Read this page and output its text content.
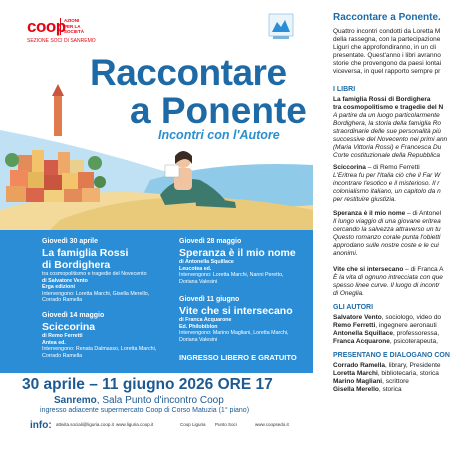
coop
AZIONI
PER LA
SOCIETÀ
SEZIONE SOCI DI SANREMO
Raccontare
a Ponente
Incontri con l'Autore
Giovedì 30 aprile
La famiglia Rossi
di Bordighera
tra cosmopolitismo e tragedie del Novecento
di Salvatore Vento
Erga edizioni
Intervengono: Loretta Marchi, Gisella Merello,
Corrado Ramella
Giovedì 28 maggio
Speranza è il mio nome
di Antonella Squillace
Leucotea ed.
Intervengono: Loretta Marchi, Nanni Peretto,
Doriana Valesini
Giovedì 14 maggio
Sciccorina
di Remo Ferretti
Antea ed.
Intervengono: Renata Dalmasso, Loretta Marchi,
Corrado Ramella
Giovedì 11 giugno
Vite che si intersecano
di Franca Acquarone
Ed. Philobiblon
Intervengono: Marino Magliani, Loretta Marchi,
Doriana Valesini
INGRESSO LIBERO E GRATUITO
30 aprile – 11 giugno 2026 ORE 17
Sanremo, Sala Punto d'incontro Coop
ingresso adiacente supermercato Coop di Corso Matuzia (1° piano)
info: attivita.sociali@liguria.coop.it www.liguria.coop.it	Coop Liguria Punto Soci	www.coopsedo.it
Raccontare a Ponente.
Quattro incontri condotti da Loretta M
della rassegna, con la partecipazione
Liguri che approfondiranno, in un cli
presentate. Quest'anno i libri avranno
storie che provengono da paesi lontai
viceversa, in quel rapporto sempre pr
I LIBRI
La famiglia Rossi di Bordighera
tra cosmopolitismo e tragedie del N
A partire da un luogo particolarmente
Bordighera, la storia della famiglia Ro
straordinarie delle sue personalità più
successive del Novecento nei primi ann
(Maria Vittoria Rossi) e Francesca Du
Corte costituzionale della Repubblica
Sciccorina – di Remo Ferretti
L'Eritrea fu per l'Italia ciò che il Far W
incontrare l'esotico e il misterioso. Il r
colonialismo italiano, un capitolo da n
per restituire giustizia.
Speranza è il mio nome – di Antonel
Il lungo viaggio di una giovane eritrea
cercando la salvezza attraverso un tu
Questo romanzo corale punta l'obietti
approdano sulle nostre coste e le cui
anonimi.
Vite che si intersecano – di Franca A
È la vita di ognuno intrecciata con que
spesso linee curve. Il luogo di incontr
di Oneglia.
GLI AUTORI
Salvatore Vento, sociologo, video do
Remo Ferretti, ingegnere aeronauti
Antonella Squillace, professoressa,
Franca Acquarone, psicoterapeuta,
PRESENTANO E DIALOGANO CON
Corrado Ramella, library, Presidente
Loretta Marchi, bibliotecaria, storica
Marino Magliani, scrittore
Gisella Merello, storica
